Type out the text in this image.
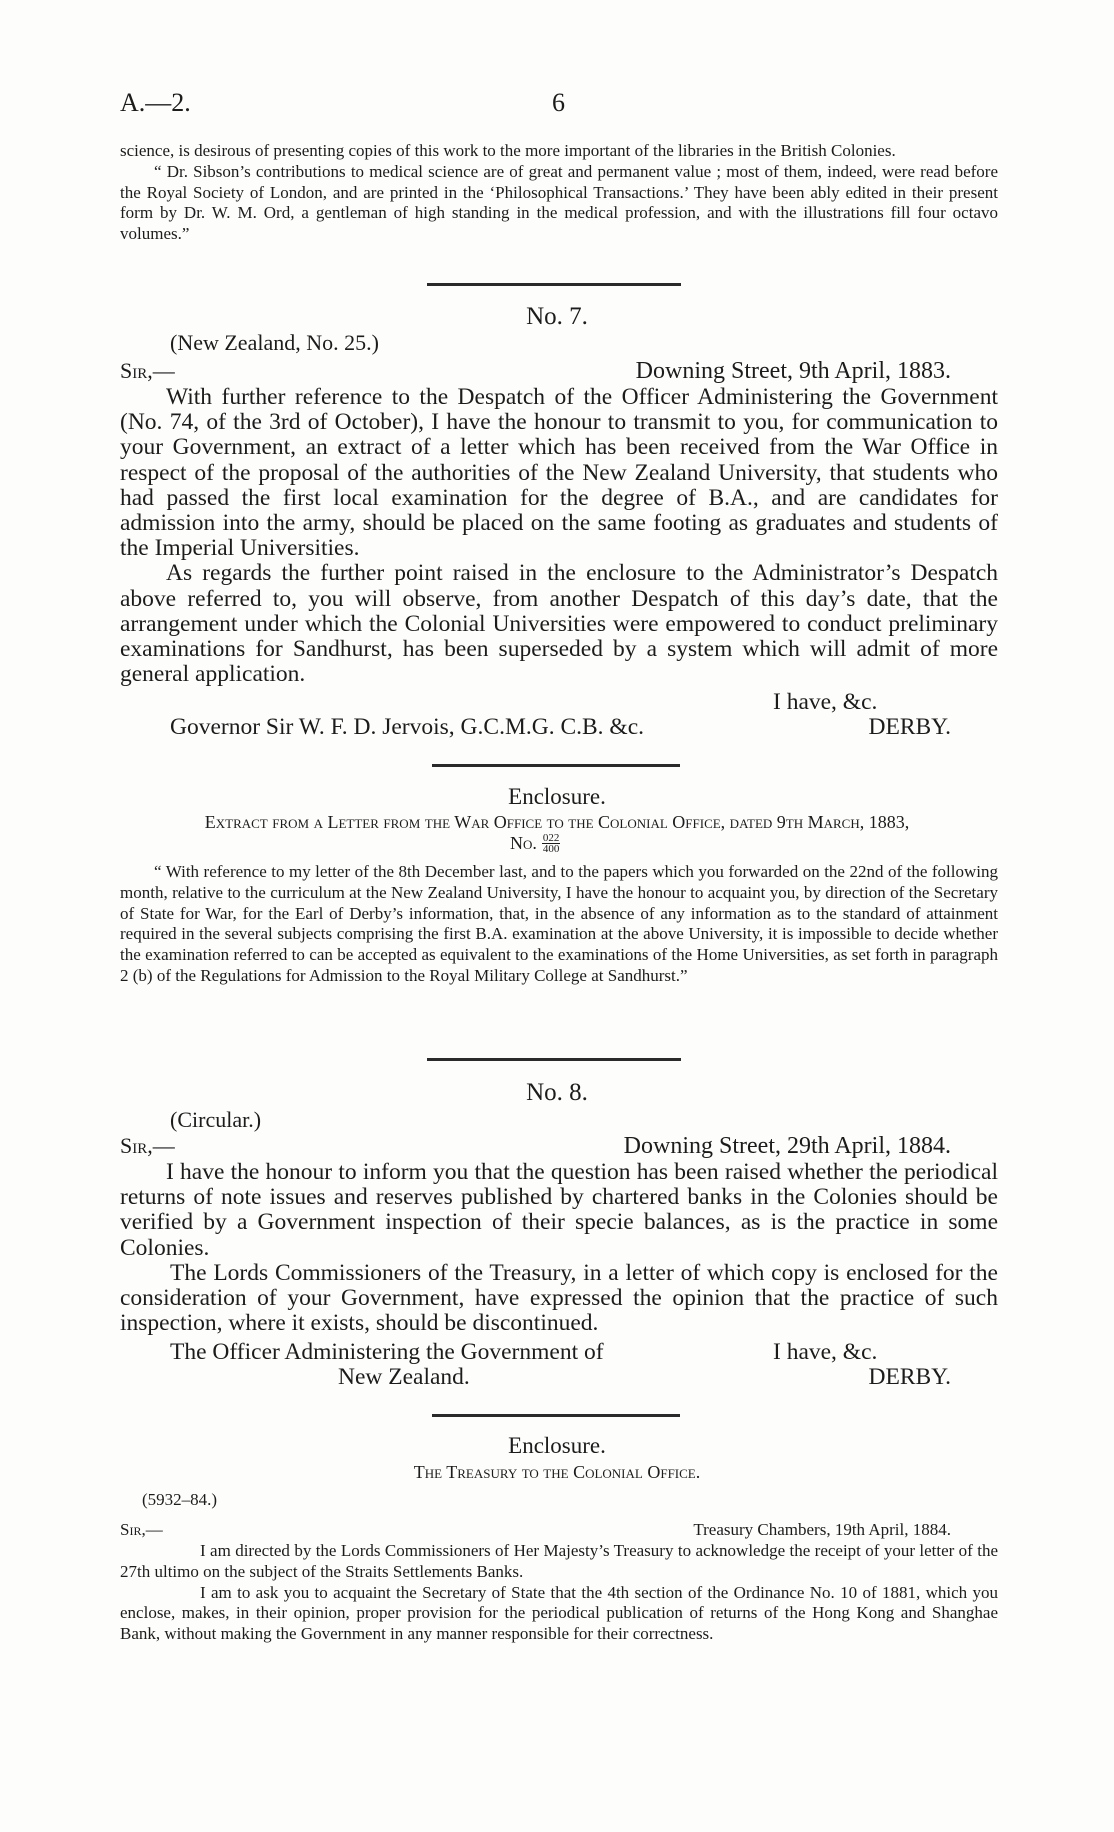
A.—2.	6

science, is desirous of presenting copies of this work to the more important of the libraries in the British Colonies.

“ Dr. Sibson’s contributions to medical science are of great and permanent value ; most of them, indeed, were read before the Royal Society of London, and are printed in the ‘Philosophical Transactions.’ They have been ably edited in their present form by Dr. W. M. Ord, a gentleman of high standing in the medical profession, and with the illustrations fill four octavo volumes.”

No. 7.
(New Zealand, No. 25.)
Sir,—	Downing Street, 9th April, 1883.

With further reference to the Despatch of the Officer Administering the Government (No. 74, of the 3rd of October), I have the honour to transmit to you, for communication to your Government, an extract of a letter which has been received from the War Office in respect of the proposal of the authorities of the New Zealand University, that students who had passed the first local examination for the degree of B.A., and are candidates for admission into the army, should be placed on the same footing as graduates and students of the Imperial Universities.

As regards the further point raised in the enclosure to the Administrator’s Despatch above referred to, you will observe, from another Despatch of this day’s date, that the arrangement under which the Colonial Universities were empowered to conduct preliminary examinations for Sandhurst, has been superseded by a system which will admit of more general application.

I have, &c.
Governor Sir W. F. D. Jervois, G.C.M.G. C.B. &c.	DERBY.
Enclosure.
Extract from a Letter from the War Office to the Colonial Office, dated 9th March, 1883,
No. $\frac{022}{400}$

“ With reference to my letter of the 8th December last, and to the papers which you forwarded on the 22nd of the following month, relative to the curriculum at the New Zealand University, I have the honour to acquaint you, by direction of the Secretary of State for War, for the Earl of Derby’s information, that, in the absence of any information as to the standard of attainment required in the several subjects comprising the first B.A. examination at the above University, it is impossible to decide whether the examination referred to can be accepted as equivalent to the examinations of the Home Universities, as set forth in paragraph 2 (b) of the Regulations for Admission to the Royal Military College at Sandhurst.”

No. 8.
(Circular.)
Sir,—	Downing Street, 29th April, 1884.

I have the honour to inform you that the question has been raised whether the periodical returns of note issues and reserves published by chartered banks in the Colonies should be verified by a Government inspection of their specie balances, as is the practice in some Colonies.

The Lords Commissioners of the Treasury, in a letter of which copy is enclosed for the consideration of your Government, have expressed the opinion that the practice of such inspection, where it exists, should be discontinued.

The Officer Administering the Government of	I have, &c.
New Zealand.	DERBY.
Enclosure.
The Treasury to the Colonial Office.
(5932–84.)
Sir,—	Treasury Chambers, 19th April, 1884.

I am directed by the Lords Commissioners of Her Majesty’s Treasury to acknowledge the receipt of your letter of the 27th ultimo on the subject of the Straits Settlements Banks.

I am to ask you to acquaint the Secretary of State that the 4th section of the Ordinance No. 10 of 1881, which you enclose, makes, in their opinion, proper provision for the periodical publication of returns of the Hong Kong and Shanghae Bank, without making the Government in any manner responsible for their correctness.
